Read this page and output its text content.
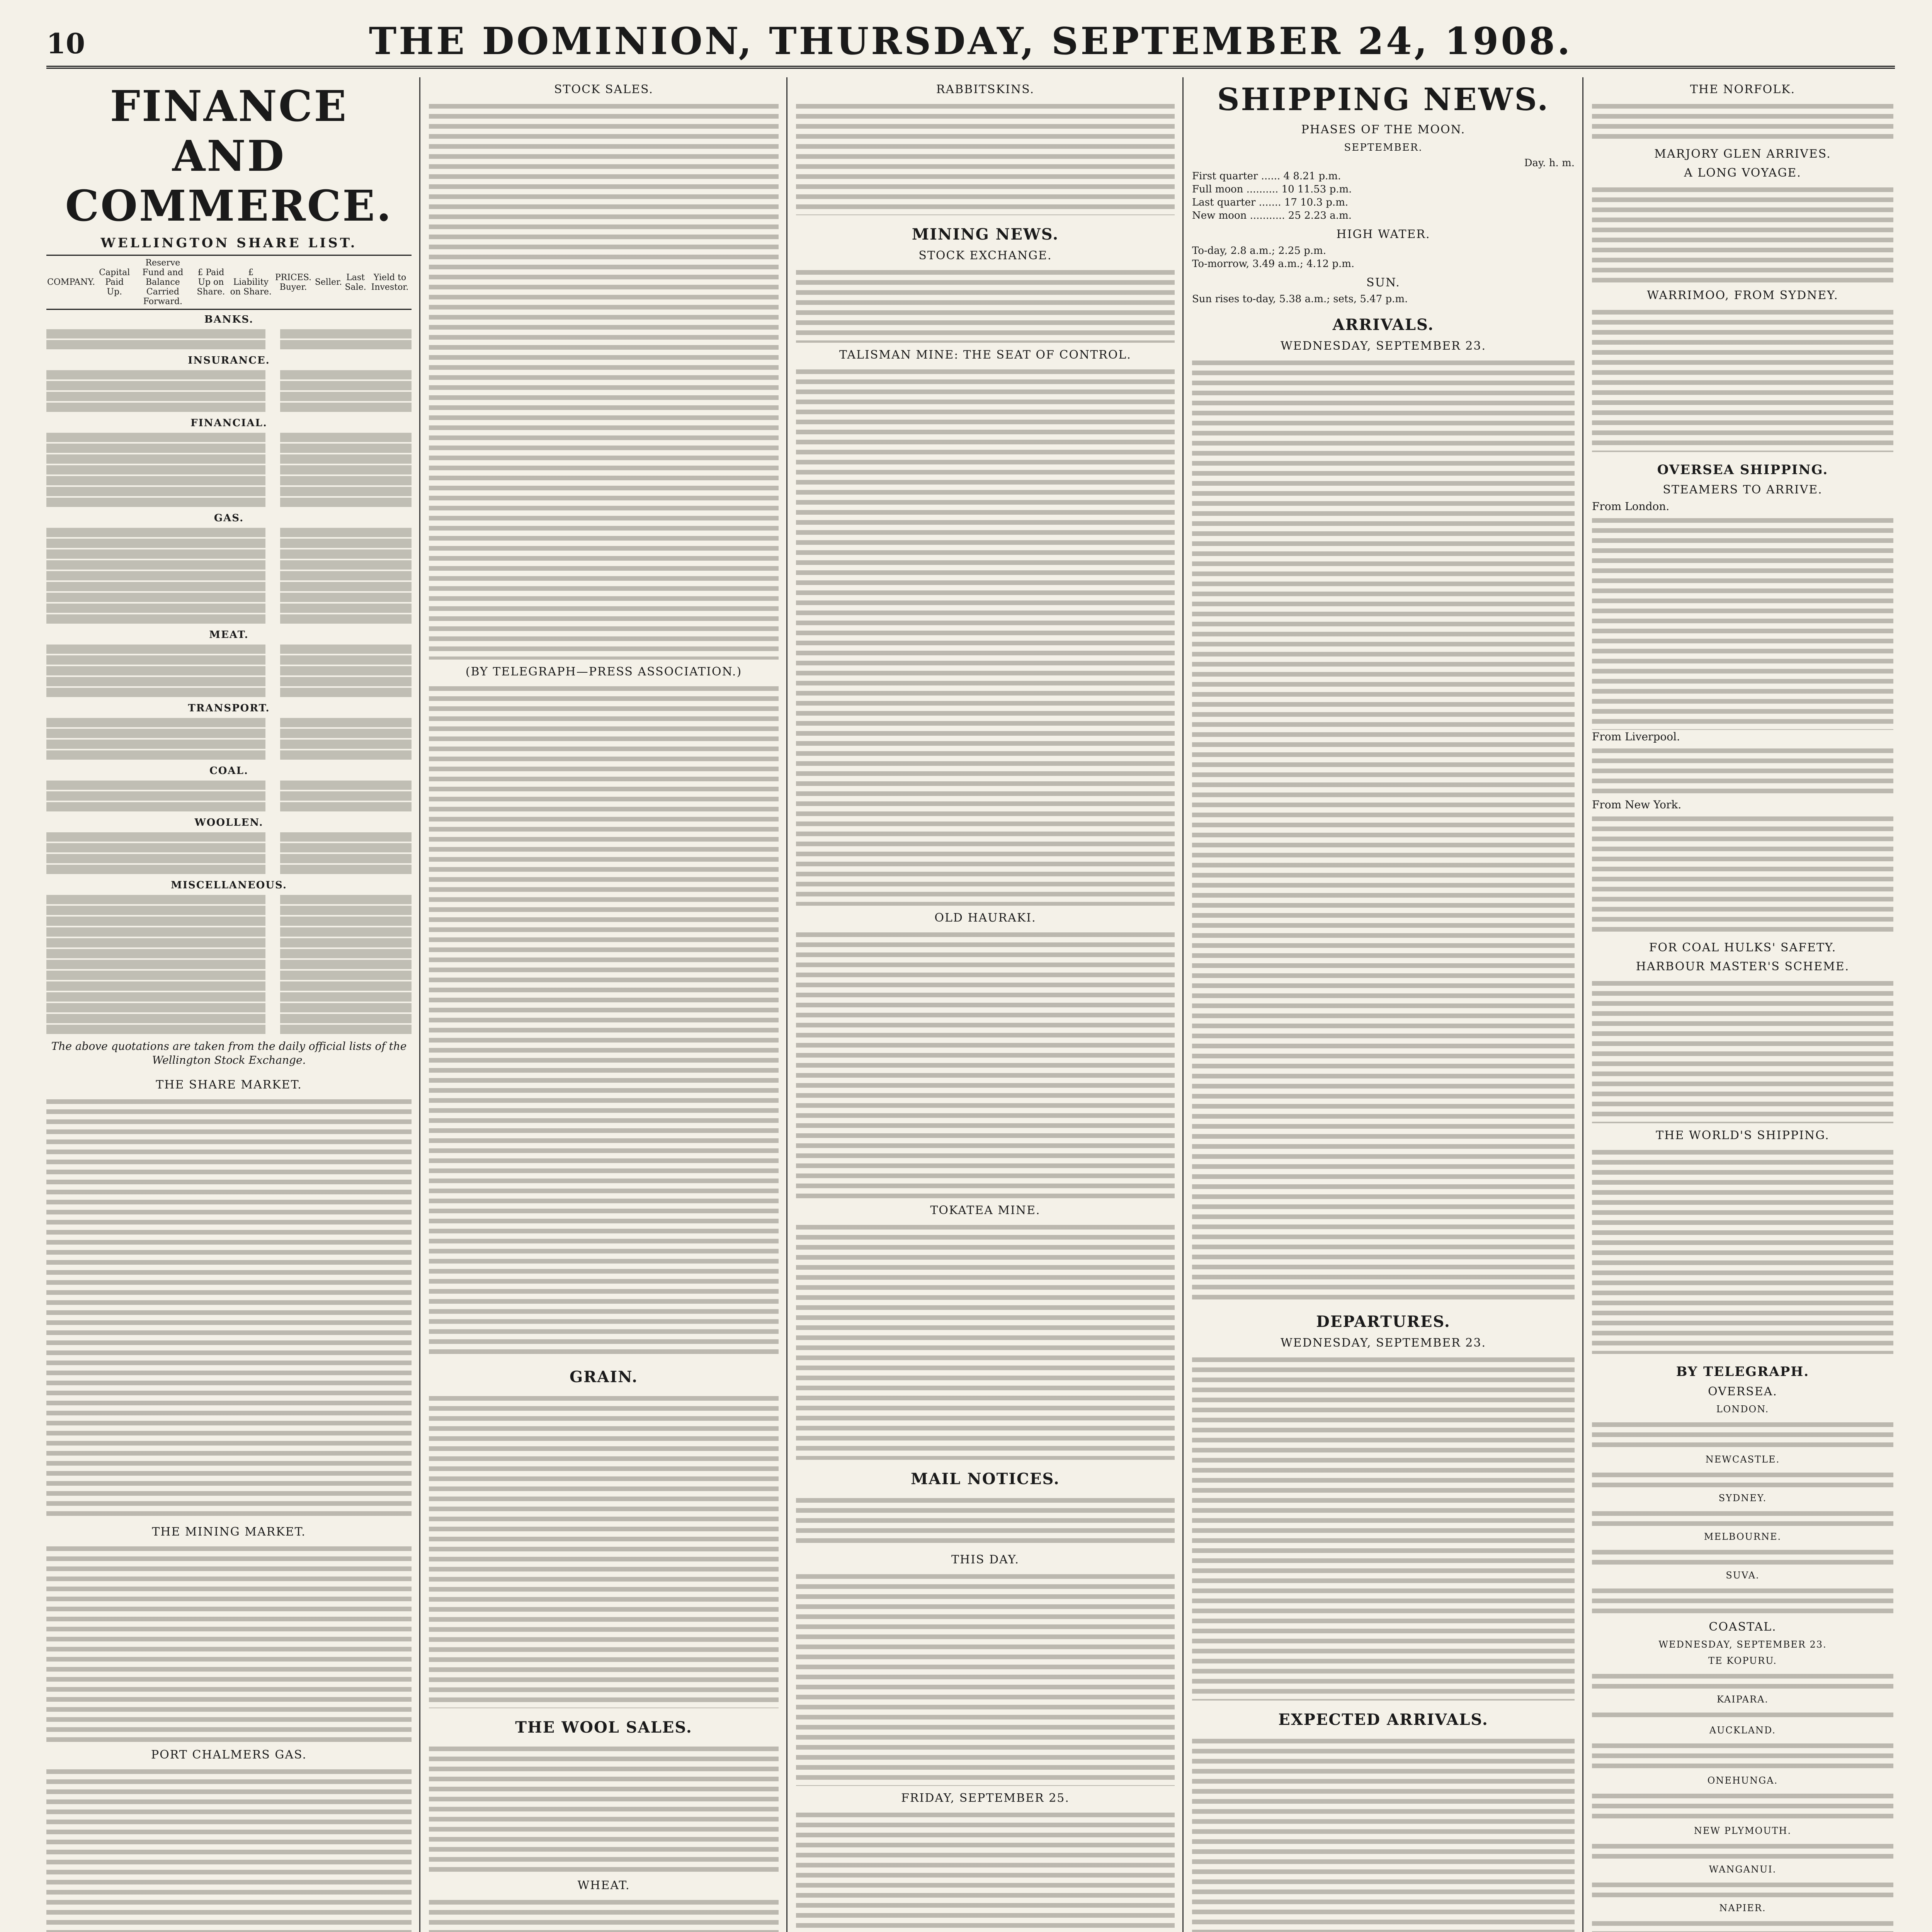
10	THE DOMINION, THURSDAY, SEPTEMBER 24, 1908.
FINANCE AND COMMERCE.
WELLINGTON SHARE LIST.
COMPANY.	Capital Paid Up.	Reserve Fund and Balance Carried Forward.	£ Paid Up on Share.	£ Liability on Share.	PRICES. Buyer.	Seller.	Last Sale.	Yield to Investor.
BANKS.
INSURANCE.
FINANCIAL.
GAS.
MEAT.
TRANSPORT.
COAL.
WOOLLEN.
MISCELLANEOUS.
The above quotations are taken from the daily official lists of the Wellington Stock Exchange.
THE SHARE MARKET.
THE MINING MARKET.
PORT CHALMERS GAS.
STOCK SALES.
(BY TELEGRAPH—PRESS ASSOCIATION.)
GRAIN.
THE WOOL SALES.
WHEAT.
RABBITSKINS.
MINING NEWS.
STOCK EXCHANGE.
TALISMAN MINE: THE SEAT OF CONTROL.
OLD HAURAKI.
TOKATEA MINE.
MAIL NOTICES.
THIS DAY.
FRIDAY, SEPTEMBER 25.
SHIPPING NEWS.
PHASES OF THE MOON.
SEPTEMBER.
Day. h. m.
First quarter ...... 4 8.21 p.m.
Full moon .......... 10 11.53 p.m.
Last quarter ....... 17 10.3 p.m.
New moon ........... 25 2.23 a.m.
HIGH WATER.
To-day, 2.8 a.m.; 2.25 p.m.
To-morrow, 3.49 a.m.; 4.12 p.m.
SUN.
Sun rises to-day, 5.38 a.m.; sets, 5.47 p.m.
ARRIVALS.
WEDNESDAY, SEPTEMBER 23.
DEPARTURES.
WEDNESDAY, SEPTEMBER 23.
EXPECTED ARRIVALS.
THE NORFOLK.
MARJORY GLEN ARRIVES.
A LONG VOYAGE.
WARRIMOO, FROM SYDNEY.
OVERSEA SHIPPING.
STEAMERS TO ARRIVE.
From London.
From Liverpool.
From New York.
FOR COAL HULKS' SAFETY.
HARBOUR MASTER'S SCHEME.
THE WORLD'S SHIPPING.
BY TELEGRAPH.
OVERSEA.
LONDON.
NEWCASTLE.
SYDNEY.
MELBOURNE.
SUVA.
COASTAL.
WEDNESDAY, SEPTEMBER 23.
TE KOPURU.
KAIPARA.
AUCKLAND.
ONEHUNGA.
NEW PLYMOUTH.
WANGANUI.
NAPIER.
